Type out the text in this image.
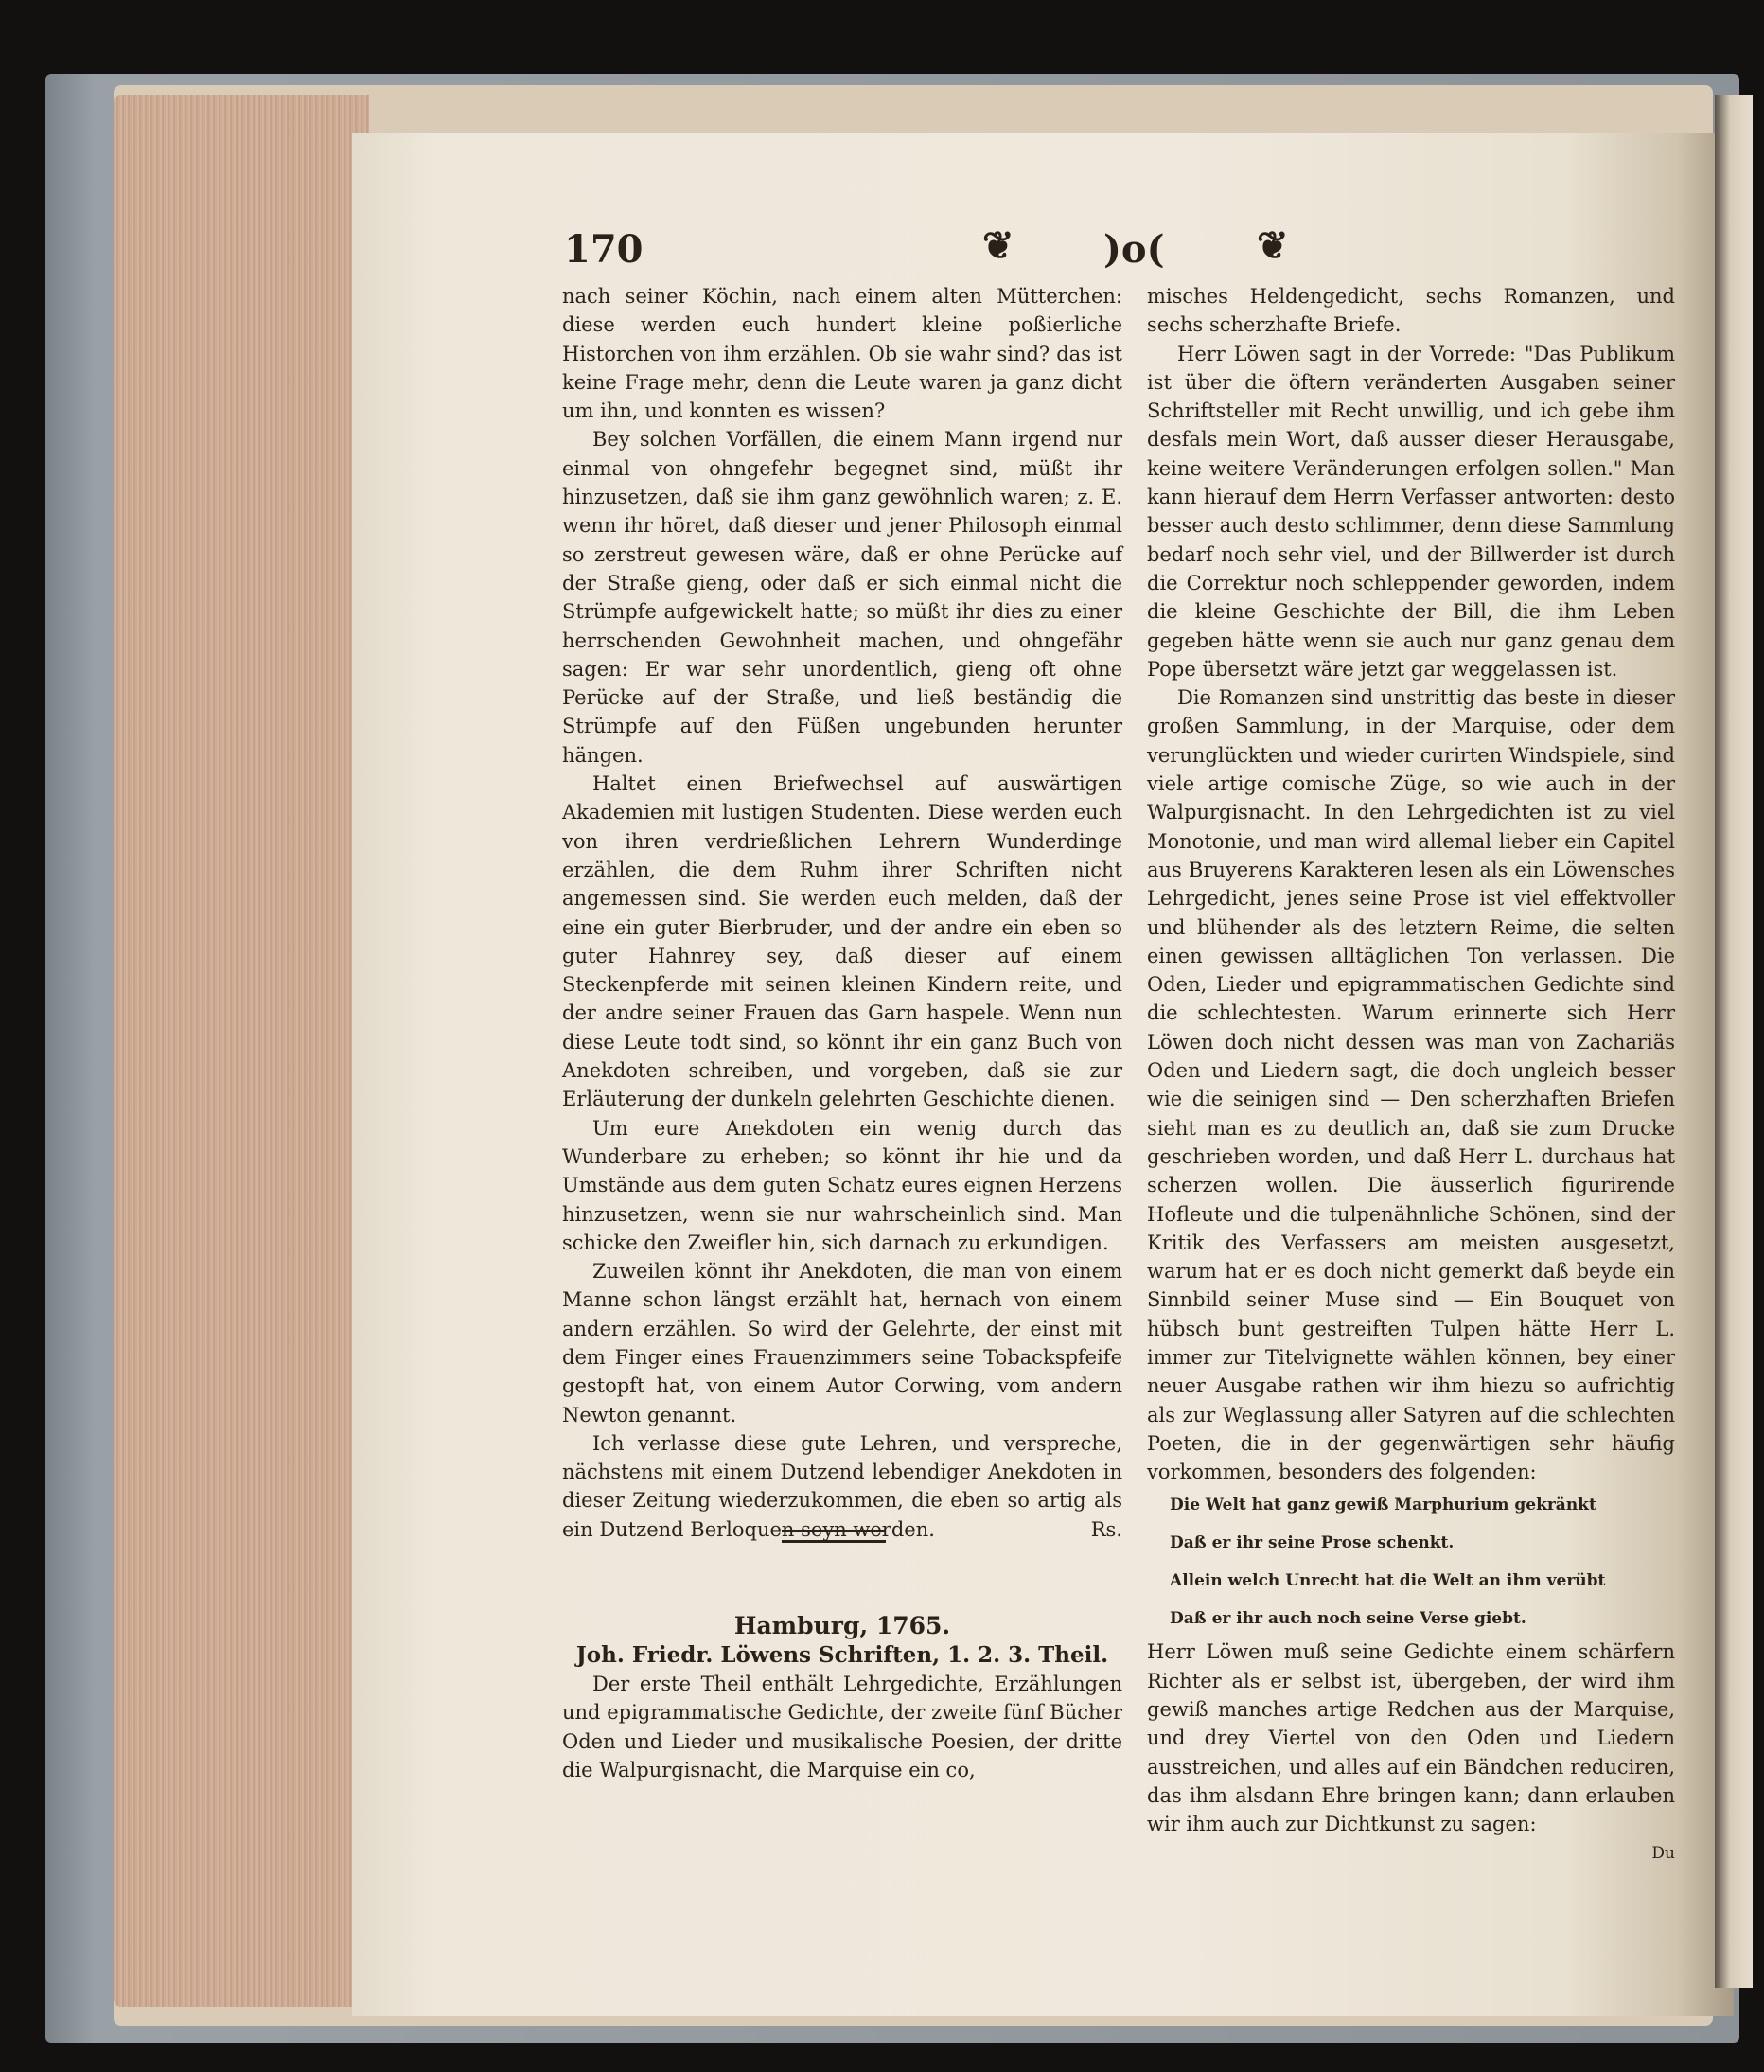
170	❦ )o( ❦

nach seiner Köchin, nach einem alten Mütterchen: diese werden euch hundert kleine poßierliche Historchen von ihm erzählen. Ob sie wahr sind? das ist keine Frage mehr, denn die Leute waren ja ganz dicht um ihn, und konnten es wissen?

Bey solchen Vorfällen, die einem Mann irgend nur einmal von ohngefehr begegnet sind, müßt ihr hinzusetzen, daß sie ihm ganz gewöhnlich waren; z. E. wenn ihr höret, daß dieser und jener Philosoph einmal so zerstreut gewesen wäre, daß er ohne Perücke auf der Straße gieng, oder daß er sich einmal nicht die Strümpfe aufgewickelt hatte; so müßt ihr dies zu einer herrschenden Gewohnheit machen, und ohngefähr sagen: Er war sehr unordentlich, gieng oft ohne Perücke auf der Straße, und ließ beständig die Strümpfe auf den Füßen ungebunden herunter hängen.

Haltet einen Briefwechsel auf auswärtigen Akademien mit lustigen Studenten. Diese werden euch von ihren verdrießlichen Lehrern Wunderdinge erzählen, die dem Ruhm ihrer Schriften nicht angemessen sind. Sie werden euch melden, daß der eine ein guter Bierbruder, und der andre ein eben so guter Hahnrey sey, daß dieser auf einem Steckenpferde mit seinen kleinen Kindern reite, und der andre seiner Frauen das Garn haspele. Wenn nun diese Leute todt sind, so könnt ihr ein ganz Buch von Anekdoten schreiben, und vorgeben, daß sie zur Erläuterung der dunkeln gelehrten Geschichte dienen.

Um eure Anekdoten ein wenig durch das Wunderbare zu erheben; so könnt ihr hie und da Umstände aus dem guten Schatz eures eignen Herzens hinzusetzen, wenn sie nur wahrscheinlich sind. Man schicke den Zweifler hin, sich darnach zu erkundigen.

Zuweilen könnt ihr Anekdoten, die man von einem Manne schon längst erzählt hat, hernach von einem andern erzählen. So wird der Gelehrte, der einst mit dem Finger eines Frauenzimmers seine Tobackspfeife gestopft hat, von einem Autor Corwing, vom andern Newton genannt.

Ich verlasse diese gute Lehren, und verspreche, nächstens mit einem Dutzend lebendiger Anekdoten in dieser Zeitung wiederzukommen, die eben so artig als ein Dutzend Berloquen seyn werden.	Rs.

Hamburg, 1765.

Joh. Friedr. Löwens Schriften, 1. 2. 3. Theil.

Der erste Theil enthält Lehrgedichte, Erzählungen und epigrammatische Gedichte, der zweite fünf Bücher Oden und Lieder und musikalische Poesien, der dritte die Walpurgisnacht, die Marquise ein co,

misches Heldengedicht, sechs Romanzen, und sechs scherzhafte Briefe.

Herr Löwen sagt in der Vorrede: "Das Publikum ist über die öftern veränderten Ausgaben seiner Schriftsteller mit Recht unwillig, und ich gebe ihm desfals mein Wort, daß ausser dieser Herausgabe, keine weitere Veränderungen erfolgen sollen." Man kann hierauf dem Herrn Verfasser antworten: desto besser auch desto schlimmer, denn diese Sammlung bedarf noch sehr viel, und der Billwerder ist durch die Correktur noch schleppender geworden, indem die kleine Geschichte der Bill, die ihm Leben gegeben hätte wenn sie auch nur ganz genau dem Pope übersetzt wäre jetzt gar weggelassen ist.

Die Romanzen sind unstrittig das beste in dieser großen Sammlung, in der Marquise, oder dem verunglückten und wieder curirten Windspiele, sind viele artige comische Züge, so wie auch in der Walpurgisnacht. In den Lehrgedichten ist zu viel Monotonie, und man wird allemal lieber ein Capitel aus Bruyerens Karakteren lesen als ein Löwensches Lehrgedicht, jenes seine Prose ist viel effektvoller und blühender als des letztern Reime, die selten einen gewissen alltäglichen Ton verlassen. Die Oden, Lieder und epigrammatischen Gedichte sind die schlechtesten. Warum erinnerte sich Herr Löwen doch nicht dessen was man von Zachariäs Oden und Liedern sagt, die doch ungleich besser wie die seinigen sind — Den scherzhaften Briefen sieht man es zu deutlich an, daß sie zum Drucke geschrieben worden, und daß Herr L. durchaus hat scherzen wollen. Die äusserlich figurirende Hofleute und die tulpenähnliche Schönen, sind der Kritik des Verfassers am meisten ausgesetzt, warum hat er es doch nicht gemerkt daß beyde ein Sinnbild seiner Muse sind — Ein Bouquet von hübsch bunt gestreiften Tulpen hätte Herr L. immer zur Titelvignette wählen können, bey einer neuer Ausgabe rathen wir ihm hiezu so aufrichtig als zur Weglassung aller Satyren auf die schlechten Poeten, die in der gegenwärtigen sehr häufig vorkommen, besonders des folgenden:

Die Welt hat ganz gewiß Marphurium gekränkt
Daß er ihr seine Prose schenkt.
Allein welch Unrecht hat die Welt an ihm verübt
Daß er ihr auch noch seine Verse giebt.

Herr Löwen muß seine Gedichte einem schärfern Richter als er selbst ist, übergeben, der wird ihm gewiß manches artige Redchen aus der Marquise, und drey Viertel von den Oden und Liedern ausstreichen, und alles auf ein Bändchen reduciren, das ihm alsdann Ehre bringen kann; dann erlauben wir ihm auch zur Dichtkunst zu sagen:

Du
